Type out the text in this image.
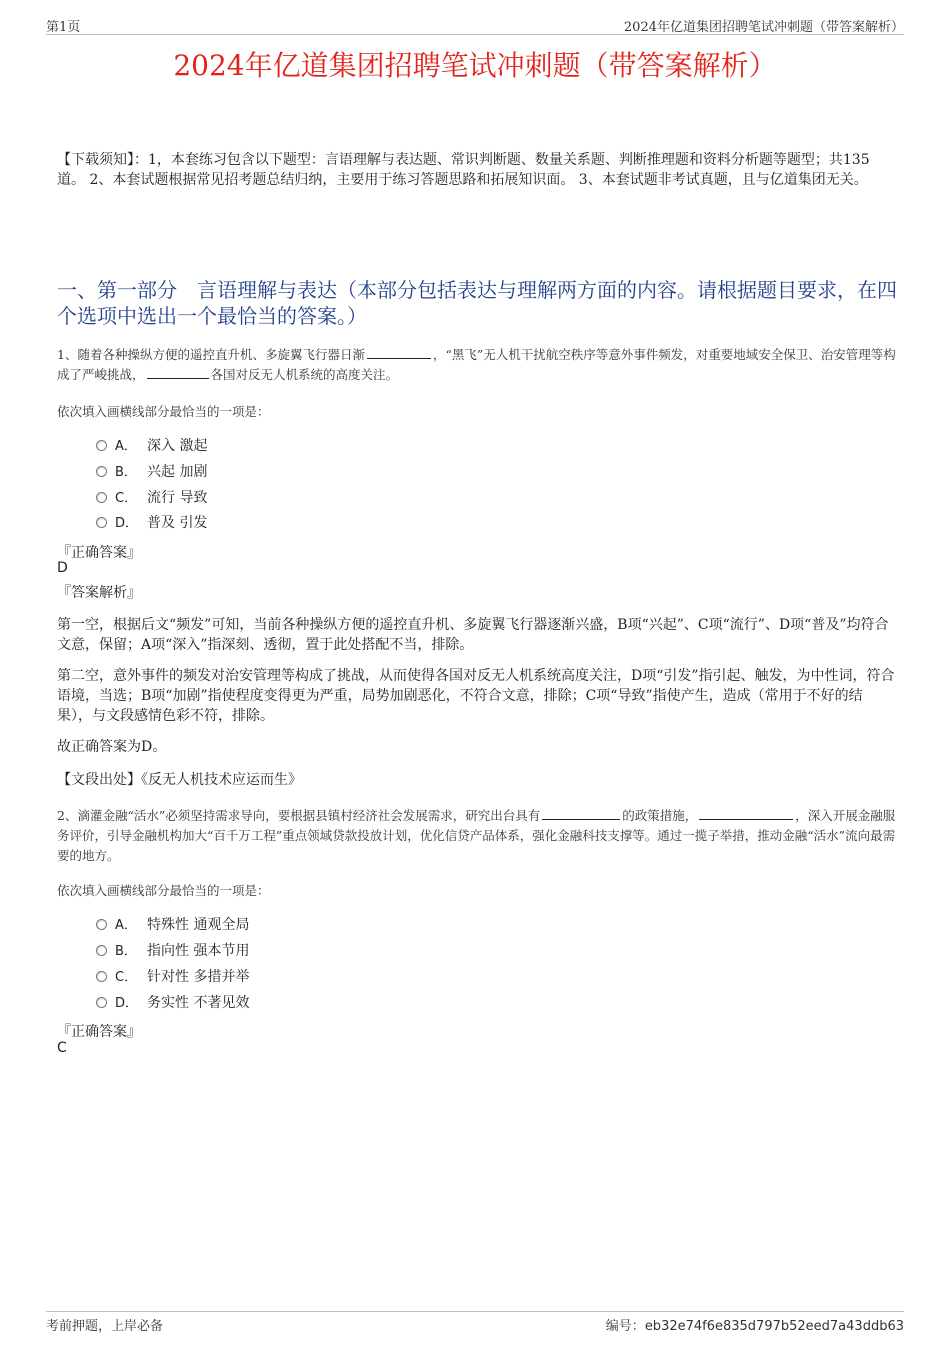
第1页	2024年亿道集团招聘笔试冲刺题（带答案解析）
2024年亿道集团招聘笔试冲刺题（带答案解析）
【下载须知】：1，本套练习包含以下题型：言语理解与表达题、常识判断题、数量关系题、判断推理题和资料分析题等题型；共135道。 2、本套试题根据常见招考题总结归纳，主要用于练习答题思路和拓展知识面。 3、本套试题非考试真题，且与亿道集团无关。
一、第一部分　言语理解与表达（本部分包括表达与理解两方面的内容。请根据题目要求，在四个选项中选出一个最恰当的答案。）
1、随着各种操纵方便的遥控直升机、多旋翼飞行器日渐	，“黑飞”无人机干扰航空秩序等意外事件频发，对重要地域安全保卫、治安管理等构成了严峻挑战，	各国对反无人机系统的高度关注。
依次填入画横线部分最恰当的一项是：
A． 深入 激起
B． 兴起 加剧
C． 流行 导致
D． 普及 引发
『正确答案』
D
『答案解析』
第一空，根据后文“频发”可知，当前各种操纵方便的遥控直升机、多旋翼飞行器逐渐兴盛，B项“兴起”、C项“流行”、D项“普及”均符合文意，保留；A项“深入”指深刻、透彻，置于此处搭配不当，排除。
第二空，意外事件的频发对治安管理等构成了挑战，从而使得各国对反无人机系统高度关注，D项“引发”指引起、触发，为中性词，符合语境，当选；B项“加剧”指使程度变得更为严重，局势加剧恶化，不符合文意，排除；C项“导致”指使产生，造成（常用于不好的结果），与文段感情色彩不符，排除。
故正确答案为D。
【文段出处】《反无人机技术应运而生》
2、滴灌金融“活水”必须坚持需求导向，要根据县镇村经济社会发展需求，研究出台具有	的政策措施，	，深入开展金融服务评价，引导金融机构加大“百千万工程”重点领域贷款投放计划，优化信贷产品体系，强化金融科技支撑等。通过一揽子举措，推动金融“活水”流向最需要的地方。
依次填入画横线部分最恰当的一项是：
A． 特殊性 通观全局
B． 指向性 强本节用
C． 针对性 多措并举
D． 务实性 不著见效
『正确答案』
C
考前押题，上岸必备	编号：eb32e74f6e835d797b52eed7a43ddb63
